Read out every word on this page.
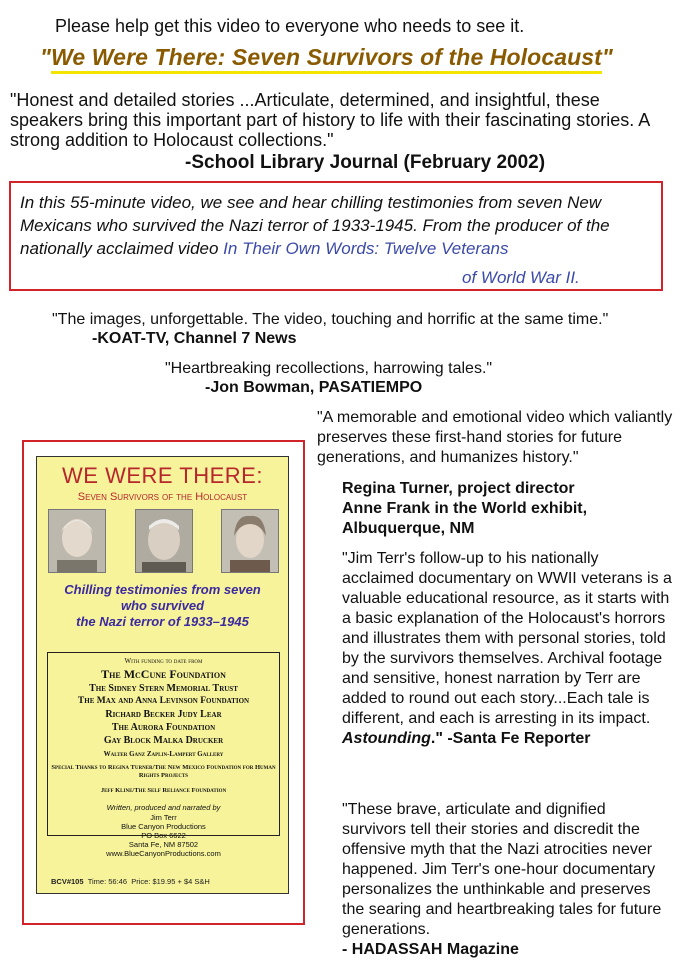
Please help get this video to everyone who needs to see it.
"We Were There: Seven Survivors of the Holocaust"
"Honest and detailed stories ...Articulate, determined, and insightful, these speakers bring this important part of history to life with their fascinating stories. A strong addition to Holocaust collections."
-School Library Journal (February 2002)
In this 55-minute video, we see and hear chilling testimonies from seven New Mexicans who survived the Nazi terror of 1933-1945. From the producer of the nationally acclaimed video In Their Own Words: Twelve Veterans
of World War II.
"The images, unforgettable. The video, touching and horrific at the same time."
-KOAT-TV, Channel 7 News
"Heartbreaking recollections, harrowing tales."
-Jon Bowman, PASATIEMPO
"A memorable and emotional video which valiantly preserves these first-hand stories for future generations, and humanizes history."
Regina Turner, project director
Anne Frank in the World exhibit,
Albuquerque, NM
"Jim Terr's follow-up to his nationally acclaimed documentary on WWII veterans is a valuable educational resource, as it starts with a basic explanation of the Holocaust's horrors and illustrates them with personal stories, told by the survivors themselves. Archival footage and sensitive, honest narration by Terr are added to round out each story...Each tale is different, and each is arresting in its impact. Astounding." -Santa Fe Reporter
"These brave, articulate and dignified survivors tell their stories and discredit the offensive myth that the Nazi atrocities never happened. Jim Terr's one-hour documentary personalizes the unthinkable and preserves the searing and heartbreaking tales for future generations.
- HADASSAH Magazine
WE WERE THERE:
Seven Survivors of the Holocaust
Chilling testimonies from seven
who survived
the Nazi terror of 1933–1945
With funding to date from
The McCune Foundation
The Sidney Stern Memorial Trust
The Max and Anna Levinson Foundation
Richard Becker Judy Lear
The Aurora Foundation
Gay Block Malka Drucker
Walter Ganz Zaplin-Lampert Gallery
Special Thanks to Regina Turner/The New Mexico Foundation for Human Rights Projects
Jeff Kline/The Self Reliance Foundation
Written, produced and narrated by
Jim Terr
Blue Canyon Productions
PO Box 6622
Santa Fe, NM 87502
www.BlueCanyonProductions.com
BCV#105 Time: 56:46 Price: $19.95 + $4 S&H
